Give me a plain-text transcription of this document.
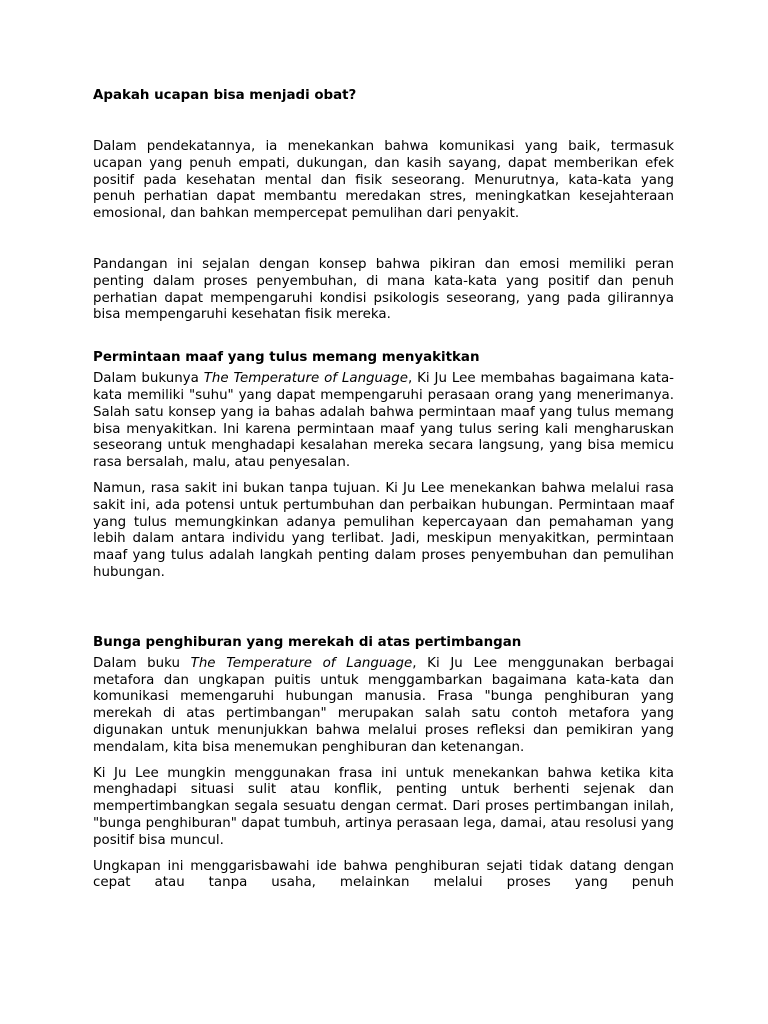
Apakah ucapan bisa menjadi obat?

Dalam pendekatannya, ia menekankan bahwa komunikasi yang baik, termasuk ucapan yang penuh empati, dukungan, dan kasih sayang, dapat memberikan efek positif pada kesehatan mental dan fisik seseorang. Menurutnya, kata-kata yang penuh perhatian dapat membantu meredakan stres, meningkatkan kesejahteraan emosional, dan bahkan mempercepat pemulihan dari penyakit.

Pandangan ini sejalan dengan konsep bahwa pikiran dan emosi memiliki peran penting dalam proses penyembuhan, di mana kata-kata yang positif dan penuh perhatian dapat mempengaruhi kondisi psikologis seseorang, yang pada gilirannya bisa mempengaruhi kesehatan fisik mereka.

Permintaan maaf yang tulus memang menyakitkan

Dalam bukunya The Temperature of Language, Ki Ju Lee membahas bagaimana kata-kata memiliki "suhu" yang dapat mempengaruhi perasaan orang yang menerimanya. Salah satu konsep yang ia bahas adalah bahwa permintaan maaf yang tulus memang bisa menyakitkan. Ini karena permintaan maaf yang tulus sering kali mengharuskan seseorang untuk menghadapi kesalahan mereka secara langsung, yang bisa memicu rasa bersalah, malu, atau penyesalan.

Namun, rasa sakit ini bukan tanpa tujuan. Ki Ju Lee menekankan bahwa melalui rasa sakit ini, ada potensi untuk pertumbuhan dan perbaikan hubungan. Permintaan maaf yang tulus memungkinkan adanya pemulihan kepercayaan dan pemahaman yang lebih dalam antara individu yang terlibat. Jadi, meskipun menyakitkan, permintaan maaf yang tulus adalah langkah penting dalam proses penyembuhan dan pemulihan hubungan.

Bunga penghiburan yang merekah di atas pertimbangan

Dalam buku The Temperature of Language, Ki Ju Lee menggunakan berbagai metafora dan ungkapan puitis untuk menggambarkan bagaimana kata-kata dan komunikasi memengaruhi hubungan manusia. Frasa "bunga penghiburan yang merekah di atas pertimbangan" merupakan salah satu contoh metafora yang digunakan untuk menunjukkan bahwa melalui proses refleksi dan pemikiran yang mendalam, kita bisa menemukan penghiburan dan ketenangan.

Ki Ju Lee mungkin menggunakan frasa ini untuk menekankan bahwa ketika kita menghadapi situasi sulit atau konflik, penting untuk berhenti sejenak dan mempertimbangkan segala sesuatu dengan cermat. Dari proses pertimbangan inilah, "bunga penghiburan" dapat tumbuh, artinya perasaan lega, damai, atau resolusi yang positif bisa muncul.

Ungkapan ini menggarisbawahi ide bahwa penghiburan sejati tidak datang dengan cepat atau tanpa usaha, melainkan melalui proses yang penuh
